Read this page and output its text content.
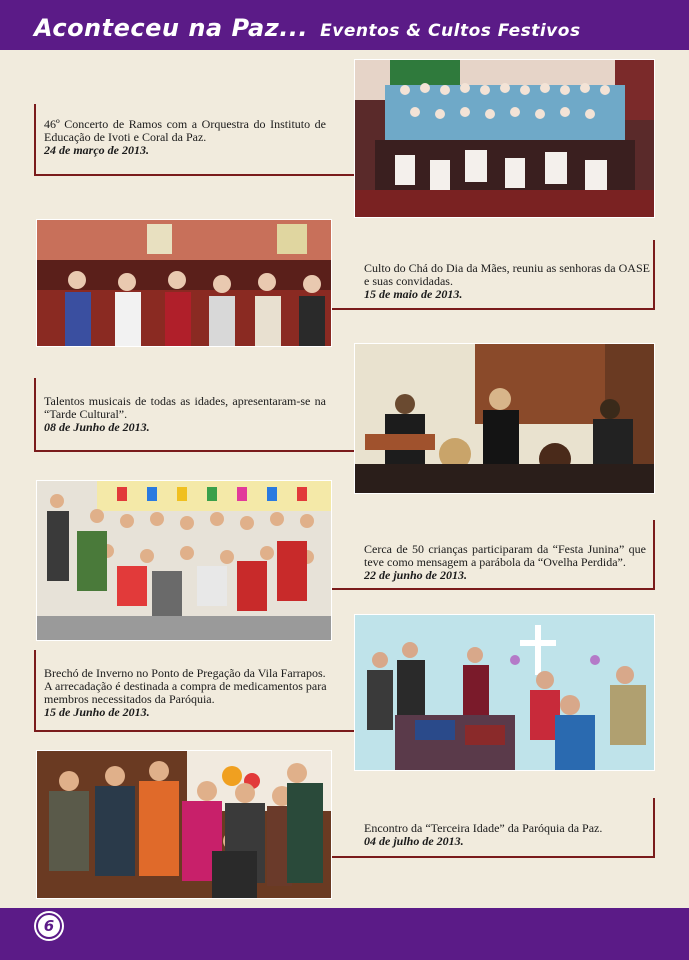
Aconteceu na Paz... Eventos & Cultos Festivos
46º Concerto de Ramos com a Orquestra do Instituto de Educação de Ivoti e Coral da Paz.
24 de março de 2013.
Culto do Chá do Dia da Mães, reuniu as senhoras da OASE e suas convidadas.
15 de maio de 2013.
Talentos musicais de todas as idades, apresentaram-se na “Tarde Cultural”.
08 de Junho de 2013.
Cerca de 50 crianças participaram da “Festa Junina” que teve como mensagem a parábola da “Ovelha Perdida”.
22 de junho de 2013.
Brechó de Inverno no Ponto de Pregação da Vila Farrapos. A arrecadação é destinada a compra de medicamentos para membros necessitados da Paróquia.
15 de Junho de 2013.
Encontro da “Terceira Idade” da Paróquia da Paz.
04 de julho de 2013.
6
